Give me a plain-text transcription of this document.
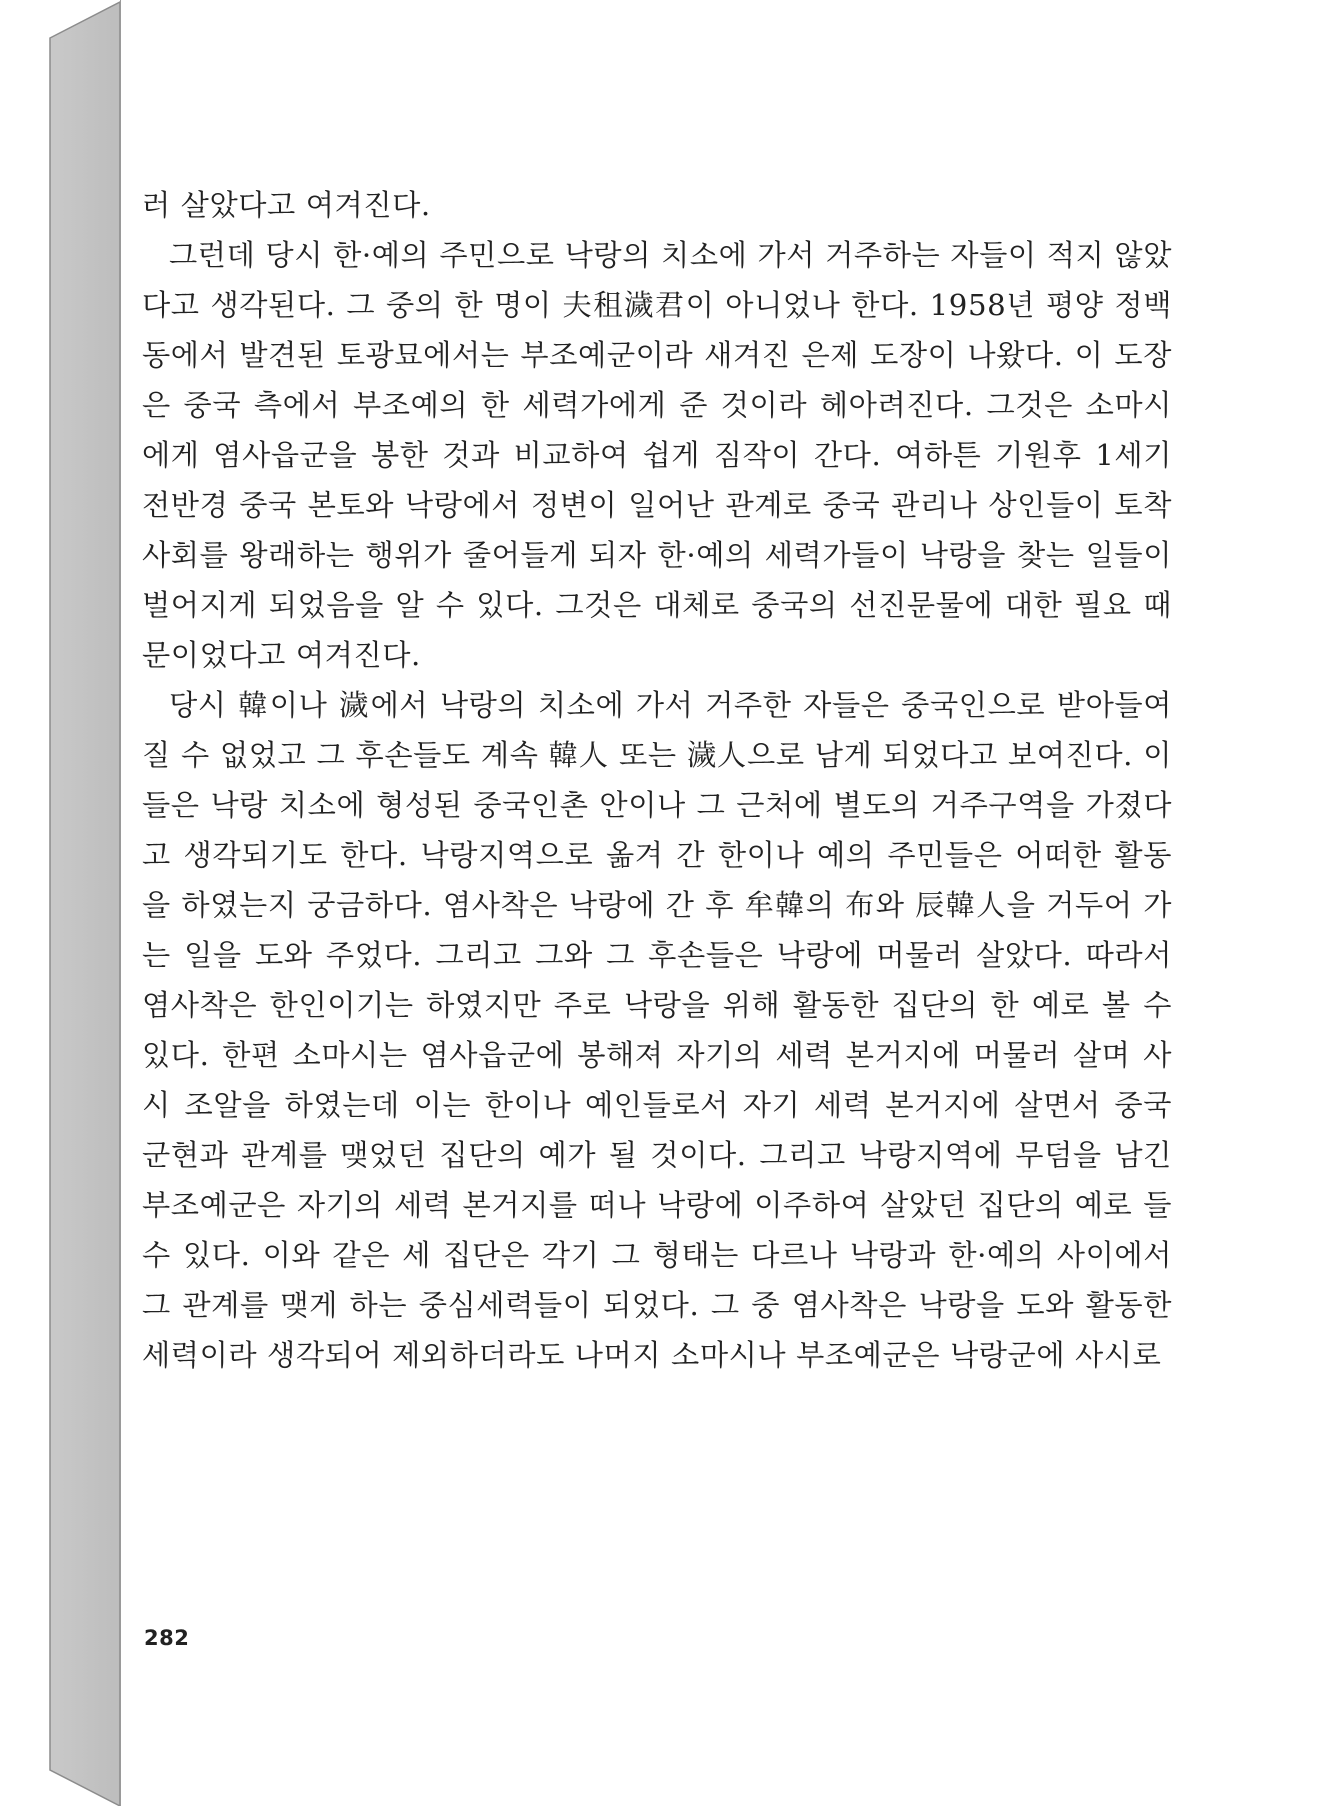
러 살았다고 여겨진다.

그런데 당시 한·예의 주민으로 낙랑의 치소에 가서 거주하는 자들이 적지 않았다고 생각된다. 그 중의 한 명이 夫租濊君이 아니었나 한다. 1958년 평양 정백동에서 발견된 토광묘에서는 부조예군이라 새겨진 은제 도장이 나왔다. 이 도장은 중국 측에서 부조예의 한 세력가에게 준 것이라 헤아려진다. 그것은 소마시에게 염사읍군을 봉한 것과 비교하여 쉽게 짐작이 간다. 여하튼 기원후 1세기 전반경 중국 본토와 낙랑에서 정변이 일어난 관계로 중국 관리나 상인들이 토착사회를 왕래하는 행위가 줄어들게 되자 한·예의 세력가들이 낙랑을 찾는 일들이 벌어지게 되었음을 알 수 있다. 그것은 대체로 중국의 선진문물에 대한 필요 때문이었다고 여겨진다.

당시 韓이나 濊에서 낙랑의 치소에 가서 거주한 자들은 중국인으로 받아들여질 수 없었고 그 후손들도 계속 韓人 또는 濊人으로 남게 되었다고 보여진다. 이들은 낙랑 치소에 형성된 중국인촌 안이나 그 근처에 별도의 거주구역을 가졌다고 생각되기도 한다. 낙랑지역으로 옮겨 간 한이나 예의 주민들은 어떠한 활동을 하였는지 궁금하다. 염사착은 낙랑에 간 후 牟韓의 布와 辰韓人을 거두어 가는 일을 도와 주었다. 그리고 그와 그 후손들은 낙랑에 머물러 살았다. 따라서 염사착은 한인이기는 하였지만 주로 낙랑을 위해 활동한 집단의 한 예로 볼 수 있다. 한편 소마시는 염사읍군에 봉해져 자기의 세력 본거지에 머물러 살며 사시 조알을 하였는데 이는 한이나 예인들로서 자기 세력 본거지에 살면서 중국 군현과 관계를 맺었던 집단의 예가 될 것이다. 그리고 낙랑지역에 무덤을 남긴 부조예군은 자기의 세력 본거지를 떠나 낙랑에 이주하여 살았던 집단의 예로 들 수 있다. 이와 같은 세 집단은 각기 그 형태는 다르나 낙랑과 한·예의 사이에서 그 관계를 맺게 하는 중심세력들이 되었다. 그 중 염사착은 낙랑을 도와 활동한 세력이라 생각되어 제외하더라도 나머지 소마시나 부조예군은 낙랑군에 사시로

282
